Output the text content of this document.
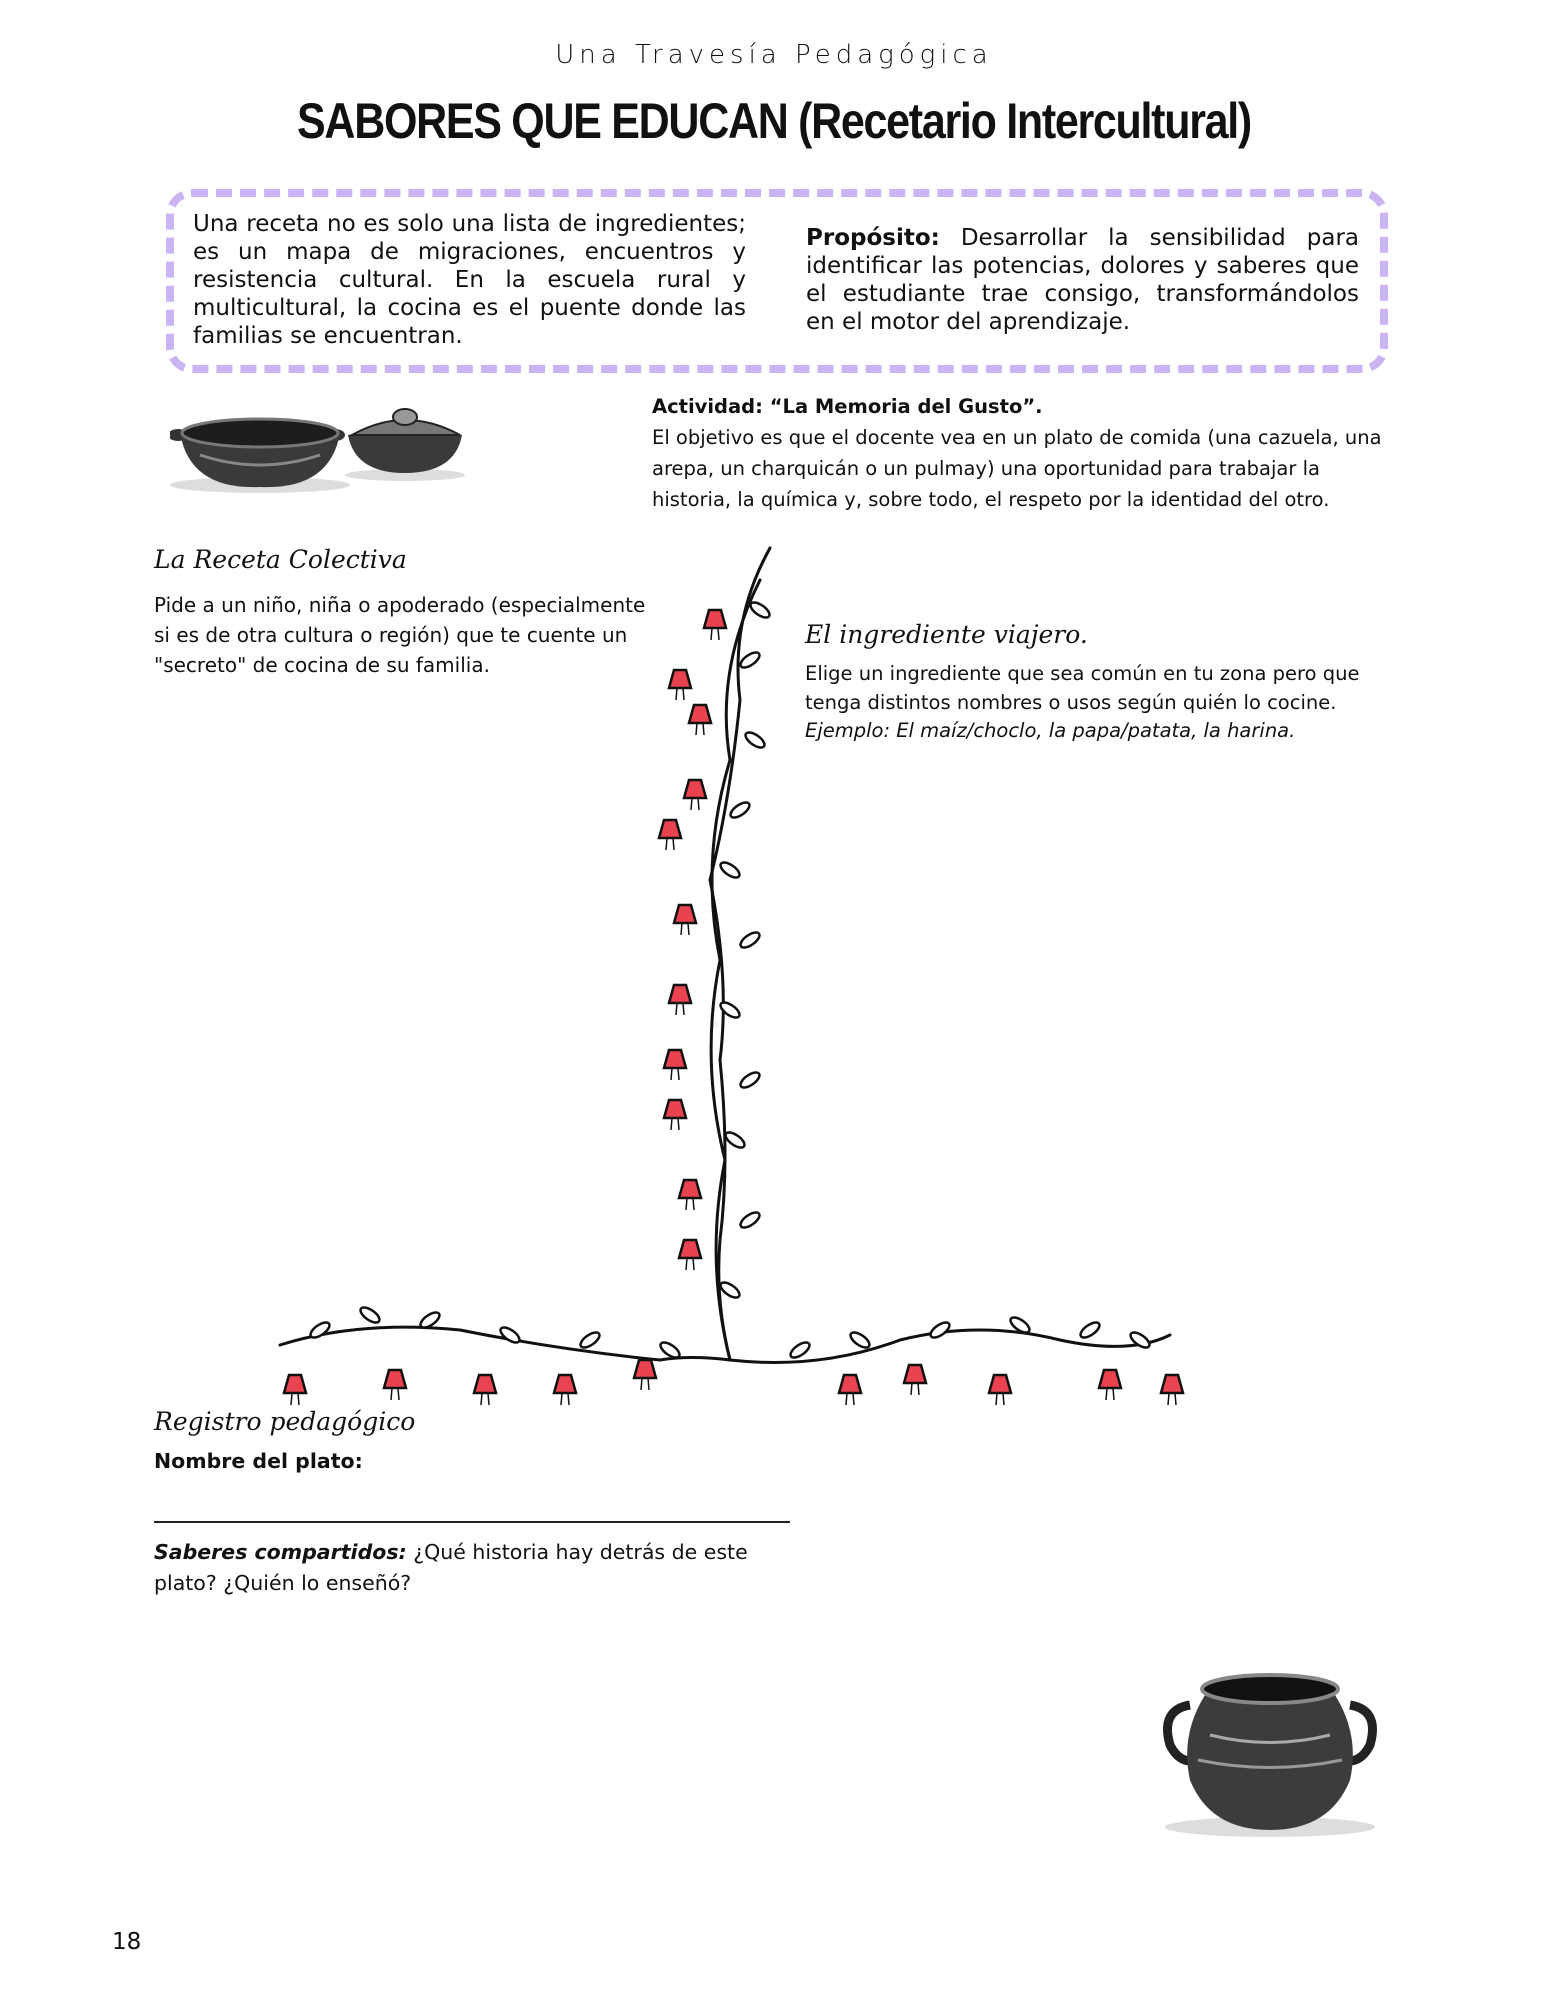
Una Travesía Pedagógica
SABORES QUE EDUCAN (Recetario Intercultural)
Una receta no es solo una lista de ingredientes; es un mapa de migraciones, encuentros y resistencia cultural. En la escuela rural y multicultural, la cocina es el puente donde las familias se encuentran.
Propósito: Desarrollar la sensibilidad para identificar las potencias, dolores y saberes que el estudiante trae consigo, transformándolos en el motor del aprendizaje.
Actividad: “La Memoria del Gusto”.
El objetivo es que el docente vea en un plato de comida (una cazuela, una arepa, un charquicán o un pulmay) una oportunidad para trabajar la historia, la química y, sobre todo, el respeto por la identidad del otro.
La Receta Colectiva
Pide a un niño, niña o apoderado (especialmente si es de otra cultura o región) que te cuente un "secreto" de cocina de su familia.
El ingrediente viajero.
Elige un ingrediente que sea común en tu zona pero que tenga distintos nombres o usos según quién lo cocine.
Ejemplo: El maíz/choclo, la papa/patata, la harina.
Registro pedagógico
Nombre del plato:
Saberes compartidos: ¿Qué historia hay detrás de este plato? ¿Quién lo enseñó?
18
